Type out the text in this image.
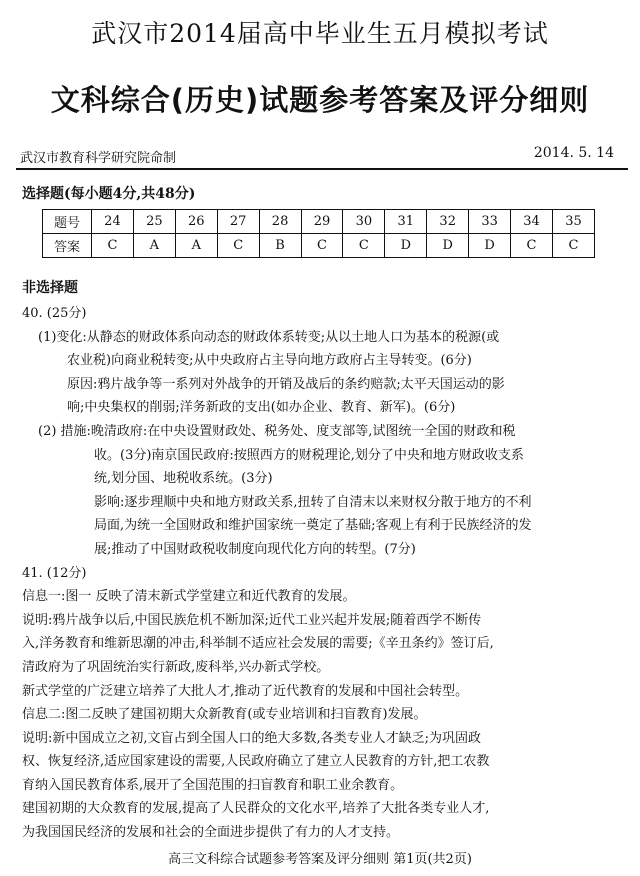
武汉市2014届高中毕业生五月模拟考试
文科综合(历史)试题参考答案及评分细则
武汉市教育科学研究院命制	2014. 5. 14
选择题(每小题4分,共48分)
题号	24	25	26	27	28	29	30	31	32	33	34	35
答案	C	A	A	C	B	C	C	D	D	D	C	C
非选择题

40. (25分)

(1)变化:从静态的财政体系向动态的财政体系转变;从以土地人口为基本的税源(或

农业税)向商业税转变;从中央政府占主导向地方政府占主导转变。(6分)

原因:鸦片战争等一系列对外战争的开销及战后的条约赔款;太平天国运动的影

响;中央集权的削弱;洋务新政的支出(如办企业、教育、新军)。(6分)

(2) 措施:晚清政府:在中央设置财政处、税务处、度支部等,试图统一全国的财政和税

收。(3分)南京国民政府:按照西方的财税理论,划分了中央和地方财政收支系

统,划分国、地税收系统。(3分)

影响:逐步理顺中央和地方财政关系,扭转了自清末以来财权分散于地方的不利

局面,为统一全国财政和维护国家统一奠定了基础;客观上有利于民族经济的发

展;推动了中国财政税收制度向现代化方向的转型。(7分)

41. (12分)

信息一:图一 反映了清末新式学堂建立和近代教育的发展。

说明:鸦片战争以后,中国民族危机不断加深;近代工业兴起并发展;随着西学不断传

入,洋务教育和维新思潮的冲击,科举制不适应社会发展的需要;《辛丑条约》签订后,

清政府为了巩固统治实行新政,废科举,兴办新式学校。

新式学堂的广泛建立培养了大批人才,推动了近代教育的发展和中国社会转型。

信息二:图二反映了建国初期大众新教育(或专业培训和扫盲教育)发展。

说明:新中国成立之初,文盲占到全国人口的绝大多数,各类专业人才缺乏;为巩固政

权、恢复经济,适应国家建设的需要,人民政府确立了建立人民教育的方针,把工农教

育纳入国民教育体系,展开了全国范围的扫盲教育和职工业余教育。

建国初期的大众教育的发展,提高了人民群众的文化水平,培养了大批各类专业人才,

为我国国民经济的发展和社会的全面进步提供了有力的人才支持。

高三文科综合试题参考答案及评分细则 第1页(共2页)
